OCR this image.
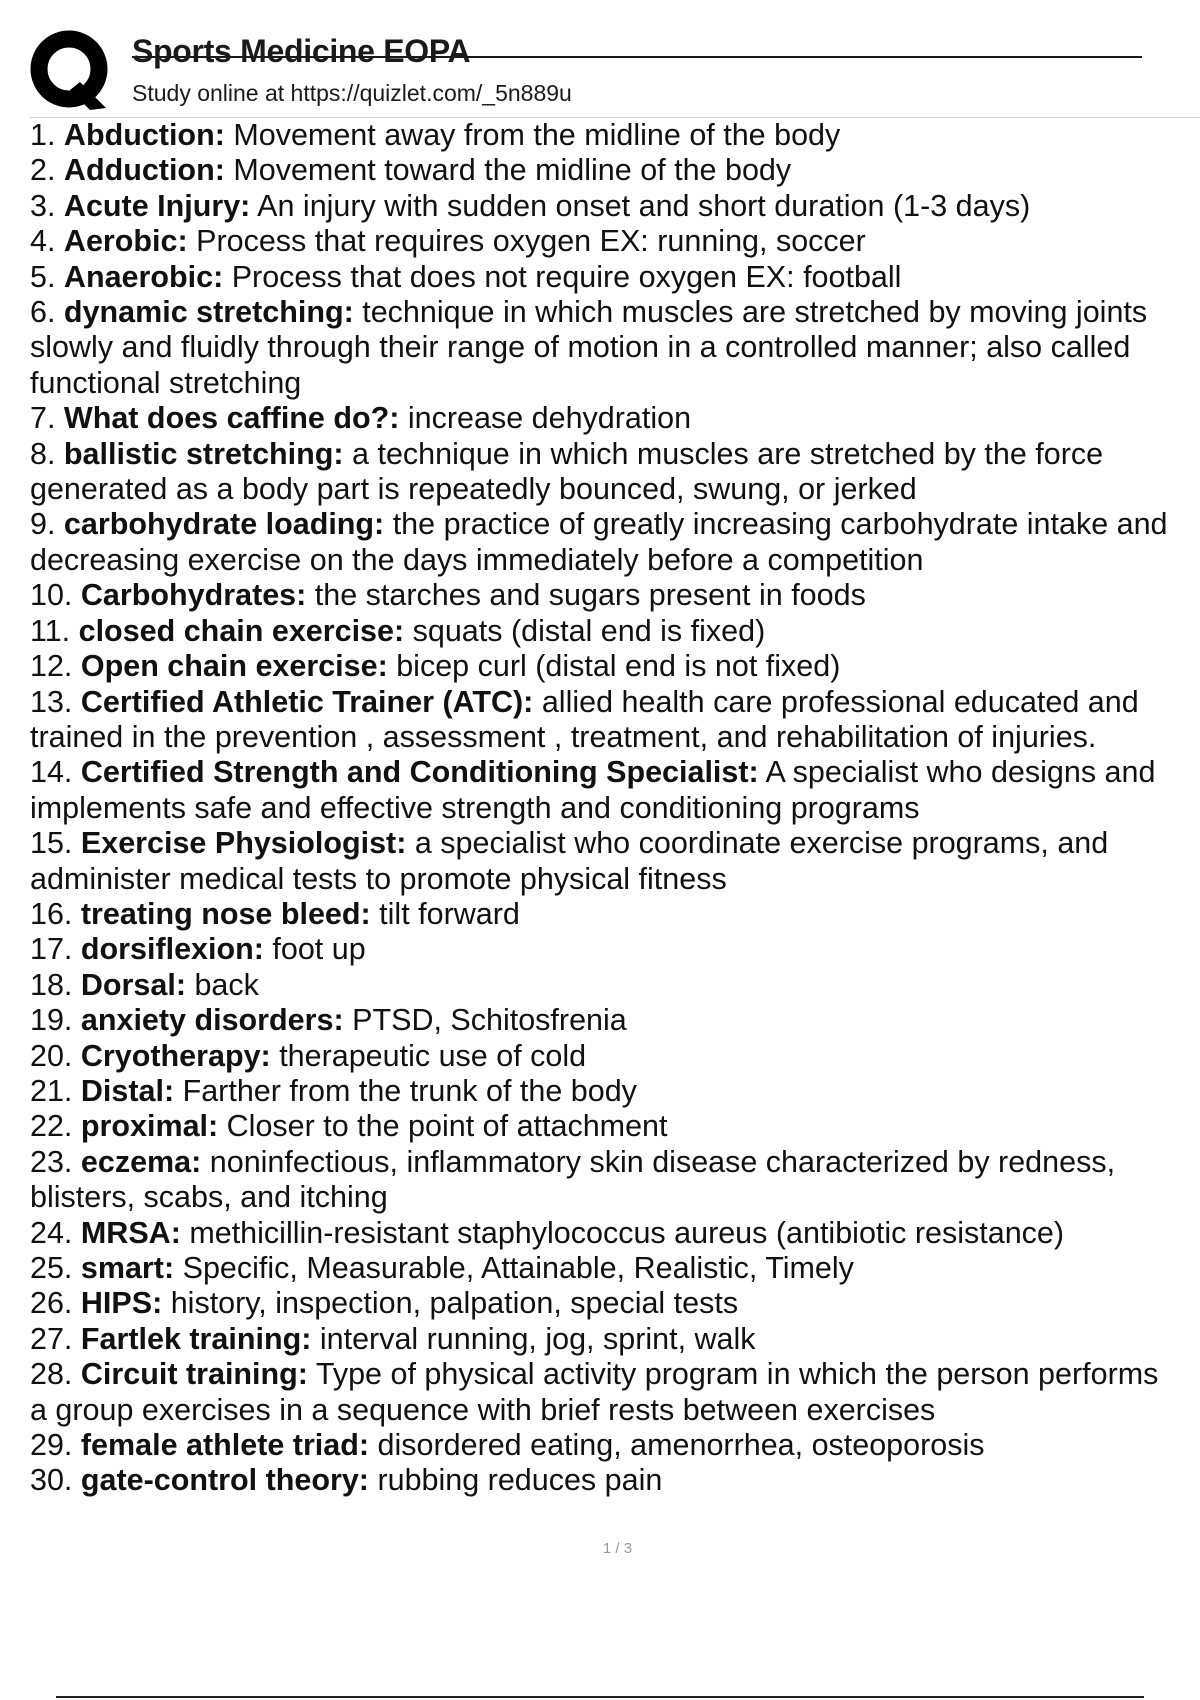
Sports Medicine EOPA
Study online at https://quizlet.com/_5n889u
1. Abduction: Movement away from the midline of the body
2. Adduction: Movement toward the midline of the body
3. Acute Injury: An injury with sudden onset and short duration (1-3 days)
4. Aerobic: Process that requires oxygen EX: running, soccer
5. Anaerobic: Process that does not require oxygen EX: football
6. dynamic stretching: technique in which muscles are stretched by moving joints
slowly and fluidly through their range of motion in a controlled manner; also called
functional stretching
7. What does caffine do?: increase dehydration
8. ballistic stretching: a technique in which muscles are stretched by the force
generated as a body part is repeatedly bounced, swung, or jerked
9. carbohydrate loading: the practice of greatly increasing carbohydrate intake and
decreasing exercise on the days immediately before a competition
10. Carbohydrates: the starches and sugars present in foods
11. closed chain exercise: squats (distal end is fixed)
12. Open chain exercise: bicep curl (distal end is not fixed)
13. Certified Athletic Trainer (ATC): allied health care professional educated and
trained in the prevention , assessment , treatment, and rehabilitation of injuries.
14. Certified Strength and Conditioning Specialist: A specialist who designs and
implements safe and effective strength and conditioning programs
15. Exercise Physiologist: a specialist who coordinate exercise programs, and
administer medical tests to promote physical fitness
16. treating nose bleed: tilt forward
17. dorsiflexion: foot up
18. Dorsal: back
19. anxiety disorders: PTSD, Schitosfrenia
20. Cryotherapy: therapeutic use of cold
21. Distal: Farther from the trunk of the body
22. proximal: Closer to the point of attachment
23. eczema: noninfectious, inflammatory skin disease characterized by redness,
blisters, scabs, and itching
24. MRSA: methicillin-resistant staphylococcus aureus (antibiotic resistance)
25. smart: Specific, Measurable, Attainable, Realistic, Timely
26. HIPS: history, inspection, palpation, special tests
27. Fartlek training: interval running, jog, sprint, walk
28. Circuit training: Type of physical activity program in which the person performs
a group exercises in a sequence with brief rests between exercises
29. female athlete triad: disordered eating, amenorrhea, osteoporosis
30. gate-control theory: rubbing reduces pain
1 / 3
